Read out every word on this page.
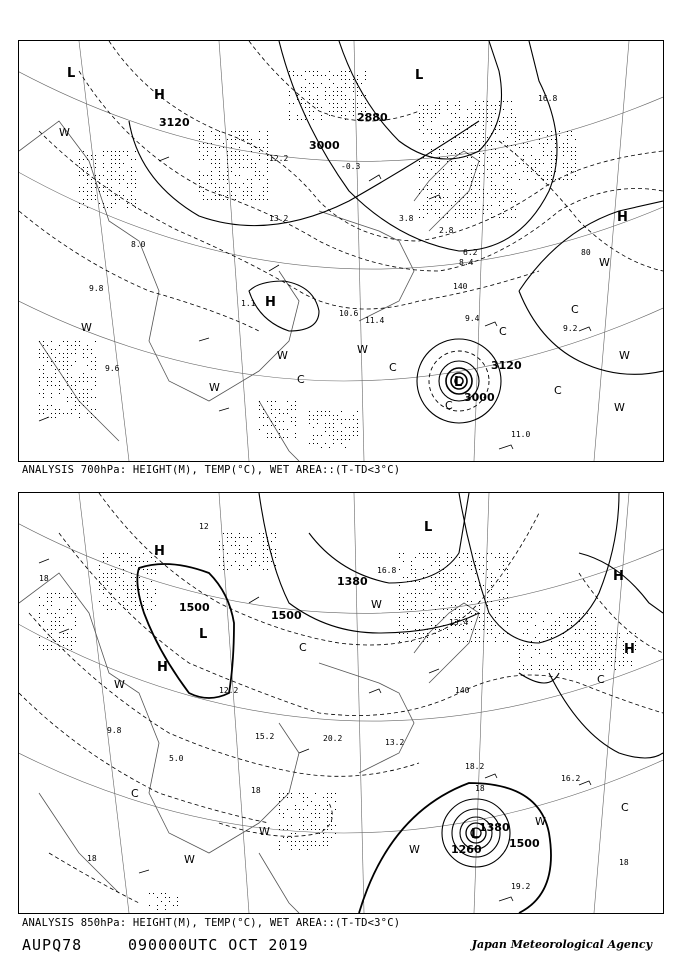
3120
3000
2880
3120
3000
H
H
H
L	L
L
W
W
W
W	W
W
W
W
C
C
C
C
C
C
-0.3
3.8
2.8
9.4
9.2
11.0
6.2
8.4
10.6
1.1
9.6
11.4
8.0
16.8
13.2
9.8
12.2
140
80
ANALYSIS 700hPa: HEIGHT(M), TEMP(°C), WET AREA::(T-TD<3°C)
1500
1500
1380
1500
1380
1260
H
H
H
H
L
L
L
W
W
W
W
W
W
C
C
C
C
18
18
18
18
18
12
18.2
16.2
19.2
12.2
13.2
20.2
15.2
16.8
9.8
5.0
13.4
140
ANALYSIS 850hPa: HEIGHT(M), TEMP(°C), WET AREA::(T-TD<3°C)
AUPQ78	090000UTC OCT 2019	Japan Meteorological Agency
